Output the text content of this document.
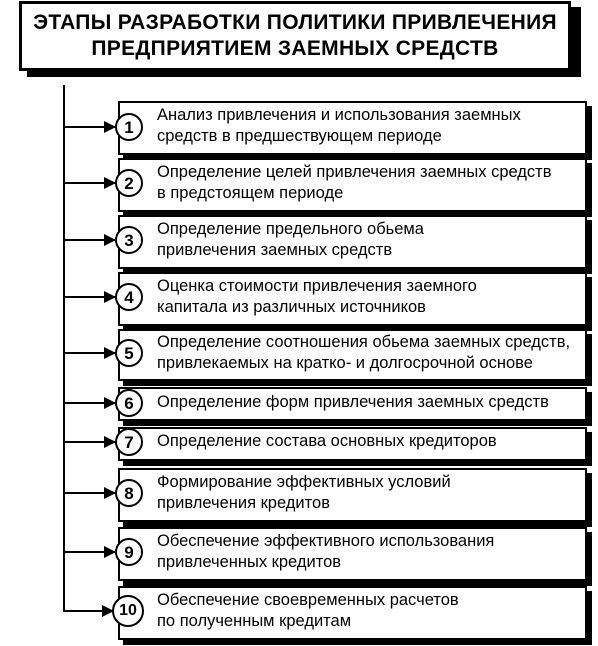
ЭТАПЫ РАЗРАБОТКИ ПОЛИТИКИ ПРИВЛЕЧЕНИЯ
ПРЕДПРИЯТИЕМ ЗАЕМНЫХ СРЕДСТВ
1
Анализ привлечения и использования заемных
средств в предшествующем периоде
2
Определение целей привлечения заемных средств
в предстоящем периоде
3
Определение предельного обьема
привлечения заемных средств
4
Оценка стоимости привлечения заемного
капитала из различных источников
5
Определение соотношения обьема заемных средств,
привлекаемых на кратко- и долгосрочной основе
6	Определение форм привлечения заемных средств
7	Определение состава основных кредиторов
8
Формирование эффективных условий
привлечения кредитов
9
Обеспечение эффективного использования
привлеченных кредитов
10
Обеспечение своевременных расчетов
по полученным кредитам
